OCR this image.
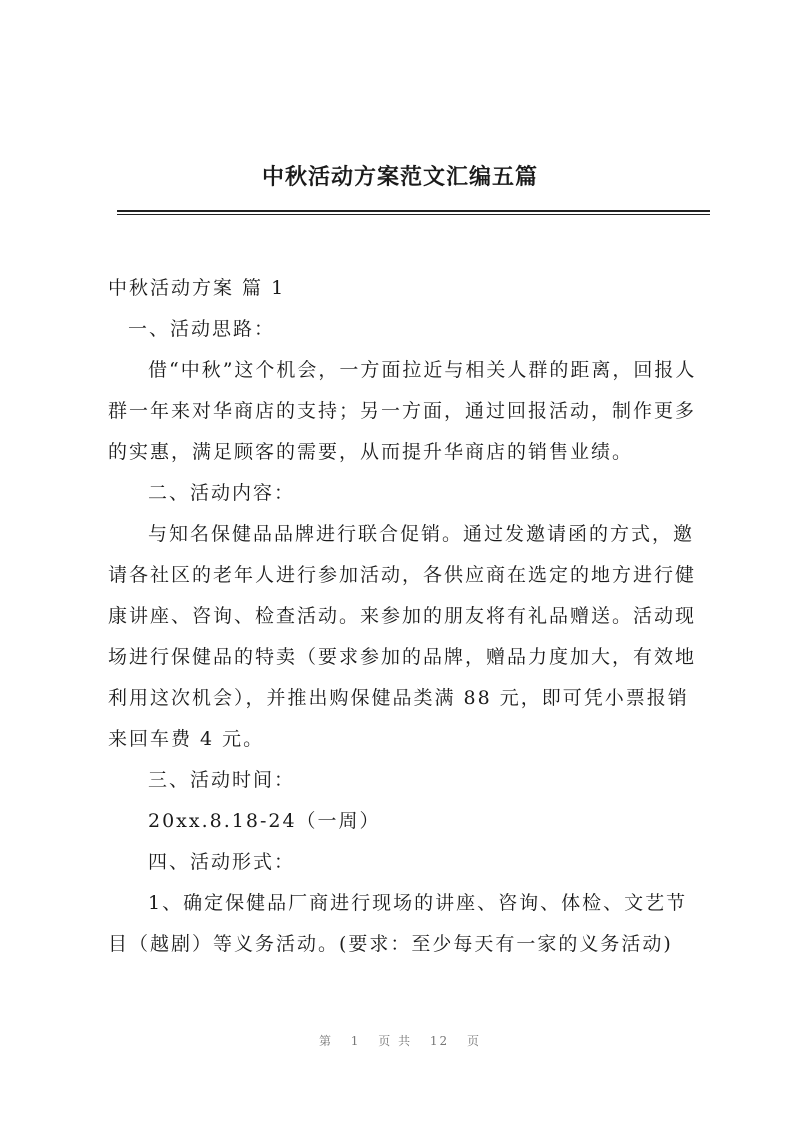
中秋活动方案范文汇编五篇

中秋活动方案 篇 1

一、活动思路：

借“中秋”这个机会，一方面拉近与相关人群的距离，回报人群一年来对华商店的支持；另一方面，通过回报活动，制作更多的实惠，满足顾客的需要，从而提升华商店的销售业绩。

二、活动内容：

与知名保健品品牌进行联合促销。通过发邀请函的方式，邀请各社区的老年人进行参加活动，各供应商在选定的地方进行健康讲座、咨询、检查活动。来参加的朋友将有礼品赠送。活动现场进行保健品的特卖（要求参加的品牌，赠品力度加大，有效地利用这次机会），并推出购保健品类满 88 元，即可凭小票报销来回车费 4 元。

三、活动时间：

20xx.8.18-24（一周）

四、活动形式：

1、确定保健品厂商进行现场的讲座、咨询、体检、文艺节目（越剧）等义务活动。(要求：至少每天有一家的义务活动)

第 1 页 共 12 页
